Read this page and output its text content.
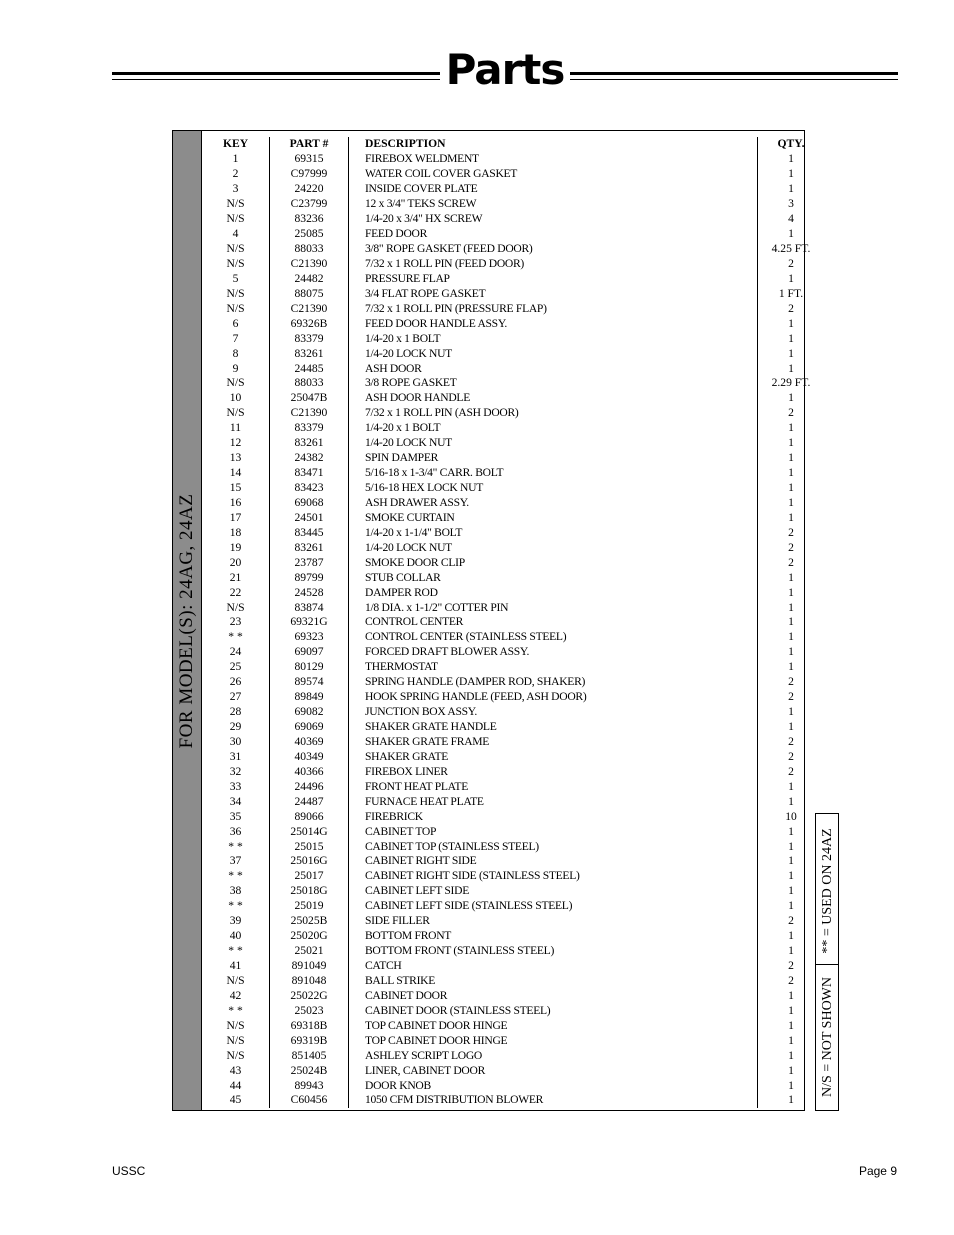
Parts
FOR MODEL(S): 24AG, 24AZ
KEY	PART #	DESCRIPTION	QTY.
1	69315	FIREBOX WELDMENT	1
2	C97999	WATER COIL COVER GASKET	1
3	24220	INSIDE COVER PLATE	1
N/S	C23799	12 x 3/4" TEKS SCREW	3
N/S	83236	1/4-20 x 3/4" HX SCREW	4
4	25085	FEED DOOR	1
N/S	88033	3/8" ROPE GASKET (FEED DOOR)	4.25 FT.
N/S	C21390	7/32 x 1 ROLL PIN (FEED DOOR)	2
5	24482	PRESSURE FLAP	1
N/S	88075	3/4 FLAT ROPE GASKET	1 FT.
N/S	C21390	7/32 x 1 ROLL PIN (PRESSURE FLAP)	2
6	69326B	FEED DOOR HANDLE ASSY.	1
7	83379	1/4-20 x 1 BOLT	1
8	83261	1/4-20 LOCK NUT	1
9	24485	ASH DOOR	1
N/S	88033	3/8 ROPE GASKET	2.29 FT.
10	25047B	ASH DOOR HANDLE	1
N/S	C21390	7/32 x 1 ROLL PIN (ASH DOOR)	2
11	83379	1/4-20 x 1 BOLT	1
12	83261	1/4-20 LOCK NUT	1
13	24382	SPIN DAMPER	1
14	83471	5/16-18 x 1-3/4" CARR. BOLT	1
15	83423	5/16-18 HEX LOCK NUT	1
16	69068	ASH DRAWER ASSY.	1
17	24501	SMOKE CURTAIN	1
18	83445	1/4-20 x 1-1/4" BOLT	2
19	83261	1/4-20 LOCK NUT	2
20	23787	SMOKE DOOR CLIP	2
21	89799	STUB COLLAR	1
22	24528	DAMPER ROD	1
N/S	83874	1/8 DIA. x 1-1/2" COTTER PIN	1
23	69321G	CONTROL CENTER	1
* *	69323	CONTROL CENTER (STAINLESS STEEL)	1
24	69097	FORCED DRAFT BLOWER ASSY.	1
25	80129	THERMOSTAT	1
26	89574	SPRING HANDLE (DAMPER ROD, SHAKER)	2
27	89849	HOOK SPRING HANDLE (FEED, ASH DOOR)	2
28	69082	JUNCTION BOX ASSY.	1
29	69069	SHAKER GRATE HANDLE	1
30	40369	SHAKER GRATE FRAME	2
31	40349	SHAKER GRATE	2
32	40366	FIREBOX LINER	2
33	24496	FRONT HEAT PLATE	1
34	24487	FURNACE HEAT PLATE	1
35	89066	FIREBRICK	10
36	25014G	CABINET TOP	1
* *	25015	CABINET TOP (STAINLESS STEEL)	1
37	25016G	CABINET RIGHT SIDE	1
* *	25017	CABINET RIGHT SIDE (STAINLESS STEEL)	1
38	25018G	CABINET LEFT SIDE	1
* *	25019	CABINET LEFT SIDE (STAINLESS STEEL)	1
39	25025B	SIDE FILLER	2
40	25020G	BOTTOM FRONT	1
* *	25021	BOTTOM FRONT (STAINLESS STEEL)	1
41	891049	CATCH	2
N/S	891048	BALL STRIKE	2
42	25022G	CABINET DOOR	1
* *	25023	CABINET DOOR (STAINLESS STEEL)	1
N/S	69318B	TOP CABINET DOOR HINGE	1
N/S	69319B	TOP CABINET DOOR HINGE	1
N/S	851405	ASHLEY SCRIPT LOGO	1
43	25024B	LINER, CABINET DOOR	1
44	89943	DOOR KNOB	1
45	C60456	1050 CFM DISTRIBUTION BLOWER	1
** = USED ON 24AZ
N/S = NOT SHOWN
USSC	Page 9
